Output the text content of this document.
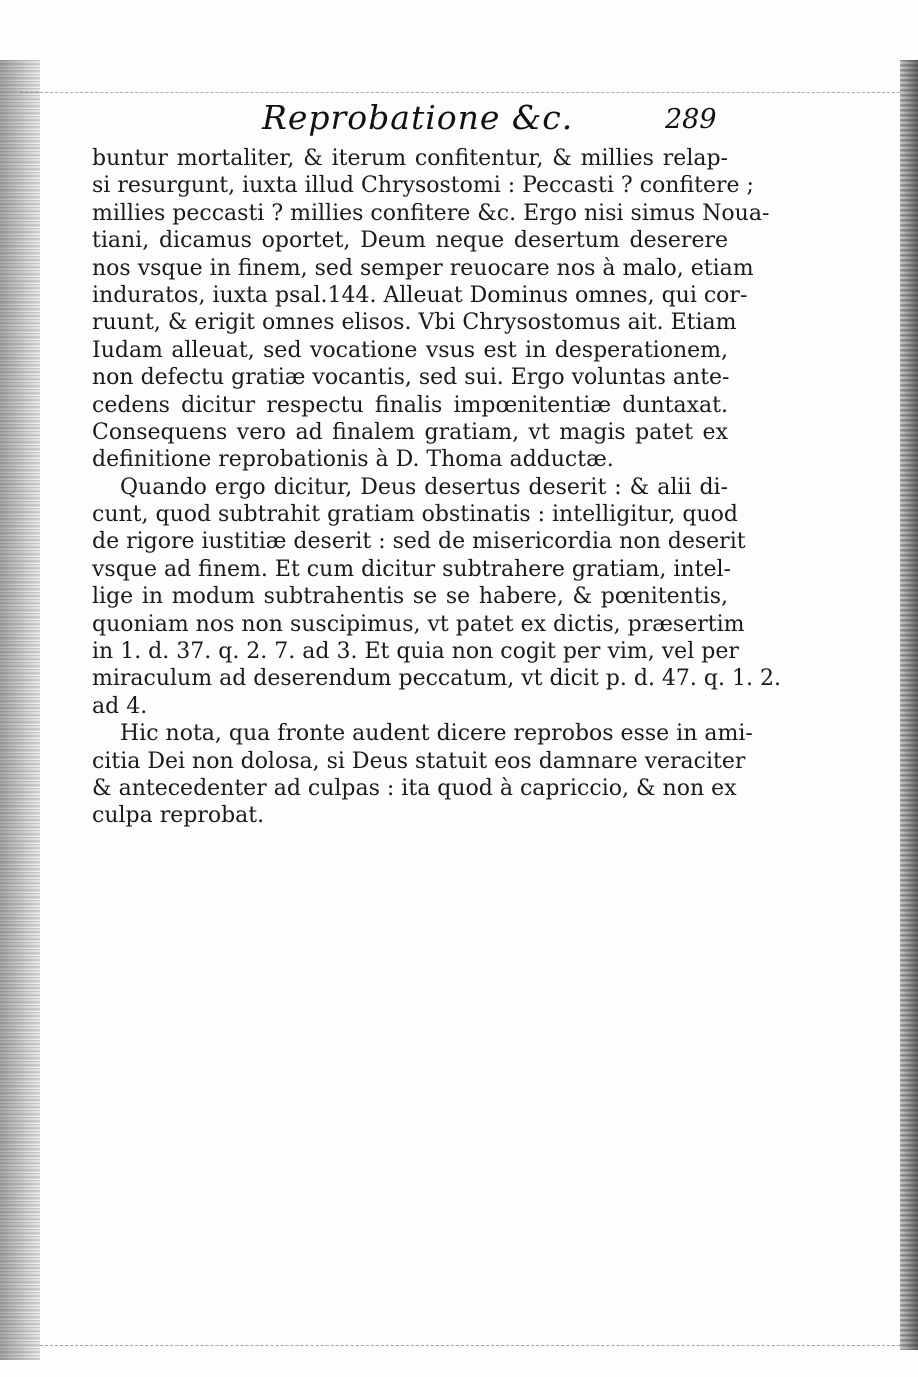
Reprobatione &c.	289
buntur mortaliter, & iterum confitentur, & millies relap-
si resurgunt, iuxta illud Chrysostomi : Peccasti ? confitere ;
millies peccasti ? millies confitere &c. Ergo nisi simus Noua-
tiani, dicamus oportet, Deum neque desertum deserere
nos vsque in finem, sed semper reuocare nos à malo, etiam
induratos, iuxta psal.144. Alleuat Dominus omnes, qui cor-
ruunt, & erigit omnes elisos. Vbi Chrysostomus ait. Etiam
Iudam alleuat, sed vocatione vsus est in desperationem,
non defectu gratiæ vocantis, sed sui. Ergo voluntas ante-
cedens dicitur respectu finalis impœnitentiæ duntaxat.
Consequens vero ad finalem gratiam, vt magis patet ex
definitione reprobationis à D. Thoma adductæ.
Quando ergo dicitur, Deus desertus deserit : & alii di-
cunt, quod subtrahit gratiam obstinatis : intelligitur, quod
de rigore iustitiæ deserit : sed de misericordia non deserit
vsque ad finem. Et cum dicitur subtrahere gratiam, intel-
lige in modum subtrahentis se se habere, & pœnitentis,
quoniam nos non suscipimus, vt patet ex dictis, præsertim
in 1. d. 37. q. 2. 7. ad 3. Et quia non cogit per vim, vel per
miraculum ad deserendum peccatum, vt dicit p. d. 47. q. 1. 2.
ad 4.
Hic nota, qua fronte audent dicere reprobos esse in ami-
citia Dei non dolosa, si Deus statuit eos damnare veraciter
& antecedenter ad culpas : ita quod à capriccio, & non ex
culpa reprobat.
